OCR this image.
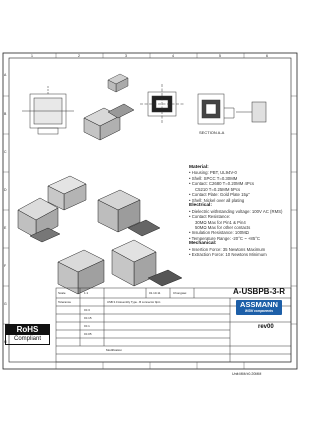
SECTION A-A
Material:
• Housing: PBT, UL94V-0
• Shell: SPCC T=0.30MM
• Contact: C2680 T=0.20MM 4Pcs
C5210 T=0.25MM 5Pcs
• Contact Plate: Gold Plate 15μ"
• Shell: Nickel over all plating
Electrical:
• Dielectric withstanding voltage: 100V AC (RMS)
• Contact Resistance:
30MΩ Max for Pin1 & Pin4
50MΩ Max for other contacts
• Insulation Resistance: 100MΩ
• Temperature Range: -20°C ~ +85°C
Mechanical:
• Insertion Force: 35 Newtons Maximum
• Extraction Force: 10 Newtons Minimum
Scale	1:1
Tolerance
±0.3
±0.15
±0.1
±0.05
01.10.11	Chongwei	A-USBPB-3-R
USB 3.0 Assembly Type.. B connector 9pin
Modification
rev00
Unit:MM/±0.20MM
ASSMANN
WSW components
RoHS
Compliant
A
B
C
D
E
F
G
H
1	2	3	4	5	6
